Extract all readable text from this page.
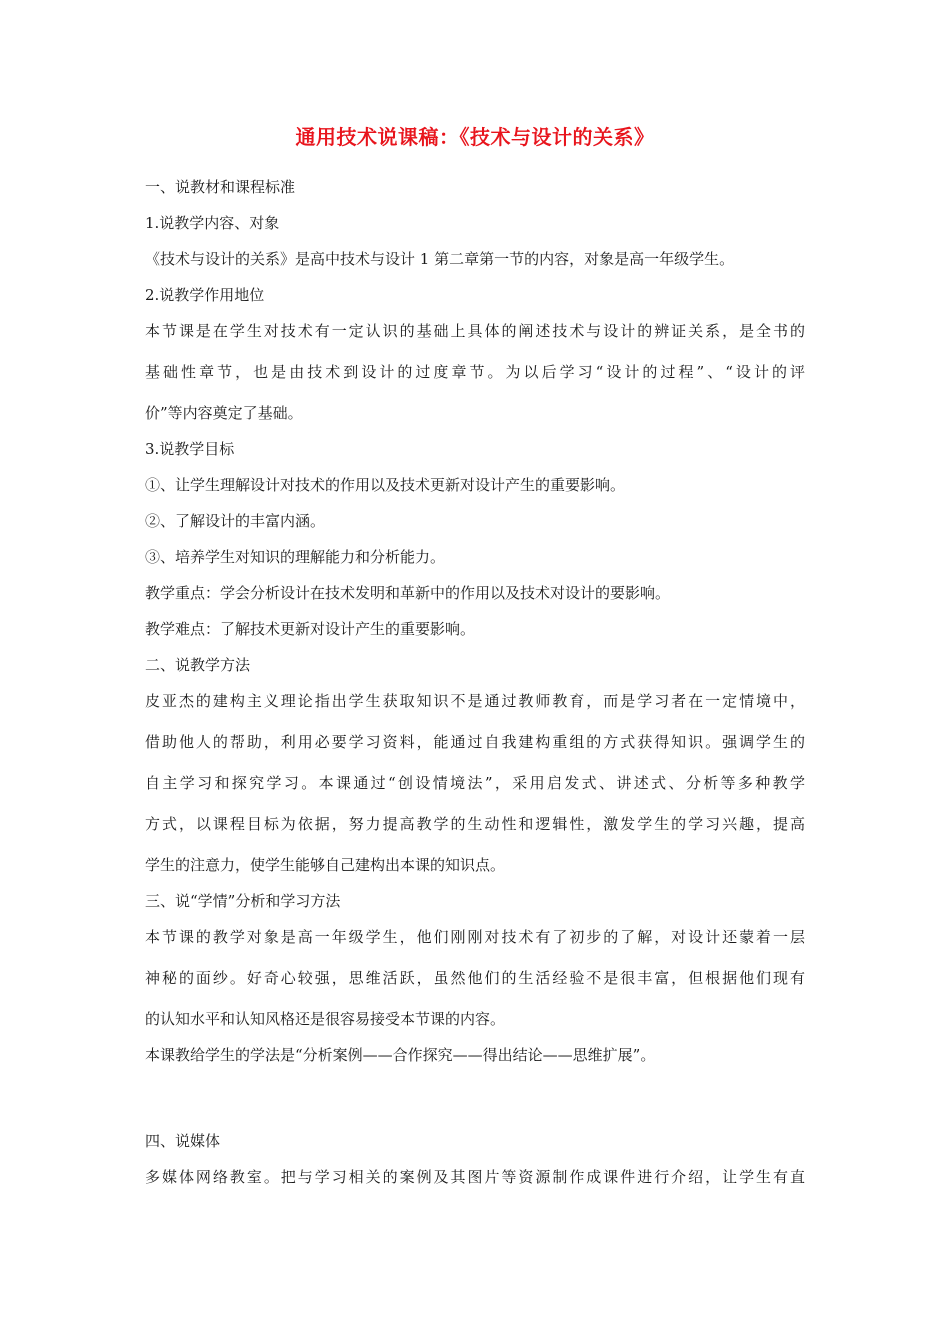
通用技术说课稿：《技术与设计的关系》
一、说教材和课程标准
1.说教学内容、对象
《技术与设计的关系》是高中技术与设计 1 第二章第一节的内容，对象是高一年级学生。
2.说教学作用地位
本节课是在学生对技术有一定认识的基础上具体的阐述技术与设计的辨证关系，是全书的
基础性章节，也是由技术到设计的过度章节。为以后学习“设计的过程”、“设计的评
价”等内容奠定了基础。
3.说教学目标
①、让学生理解设计对技术的作用以及技术更新对设计产生的重要影响。
②、了解设计的丰富内涵。
③、培养学生对知识的理解能力和分析能力。
教学重点：学会分析设计在技术发明和革新中的作用以及技术对设计的要影响。
教学难点：了解技术更新对设计产生的重要影响。
二、说教学方法
皮亚杰的建构主义理论指出学生获取知识不是通过教师教育，而是学习者在一定情境中，
借助他人的帮助，利用必要学习资料，能通过自我建构重组的方式获得知识。强调学生的
自主学习和探究学习。本课通过“创设情境法”，采用启发式、讲述式、分析等多种教学
方式，以课程目标为依据，努力提高教学的生动性和逻辑性，激发学生的学习兴趣，提高
学生的注意力，使学生能够自己建构出本课的知识点。
三、说“学情”分析和学习方法
本节课的教学对象是高一年级学生，他们刚刚对技术有了初步的了解，对设计还蒙着一层
神秘的面纱。好奇心较强，思维活跃，虽然他们的生活经验不是很丰富，但根据他们现有
的认知水平和认知风格还是很容易接受本节课的内容。
本课教给学生的学法是“分析案例——合作探究——得出结论——思维扩展”。
四、说媒体
多媒体网络教室。把与学习相关的案例及其图片等资源制作成课件进行介绍，让学生有直
